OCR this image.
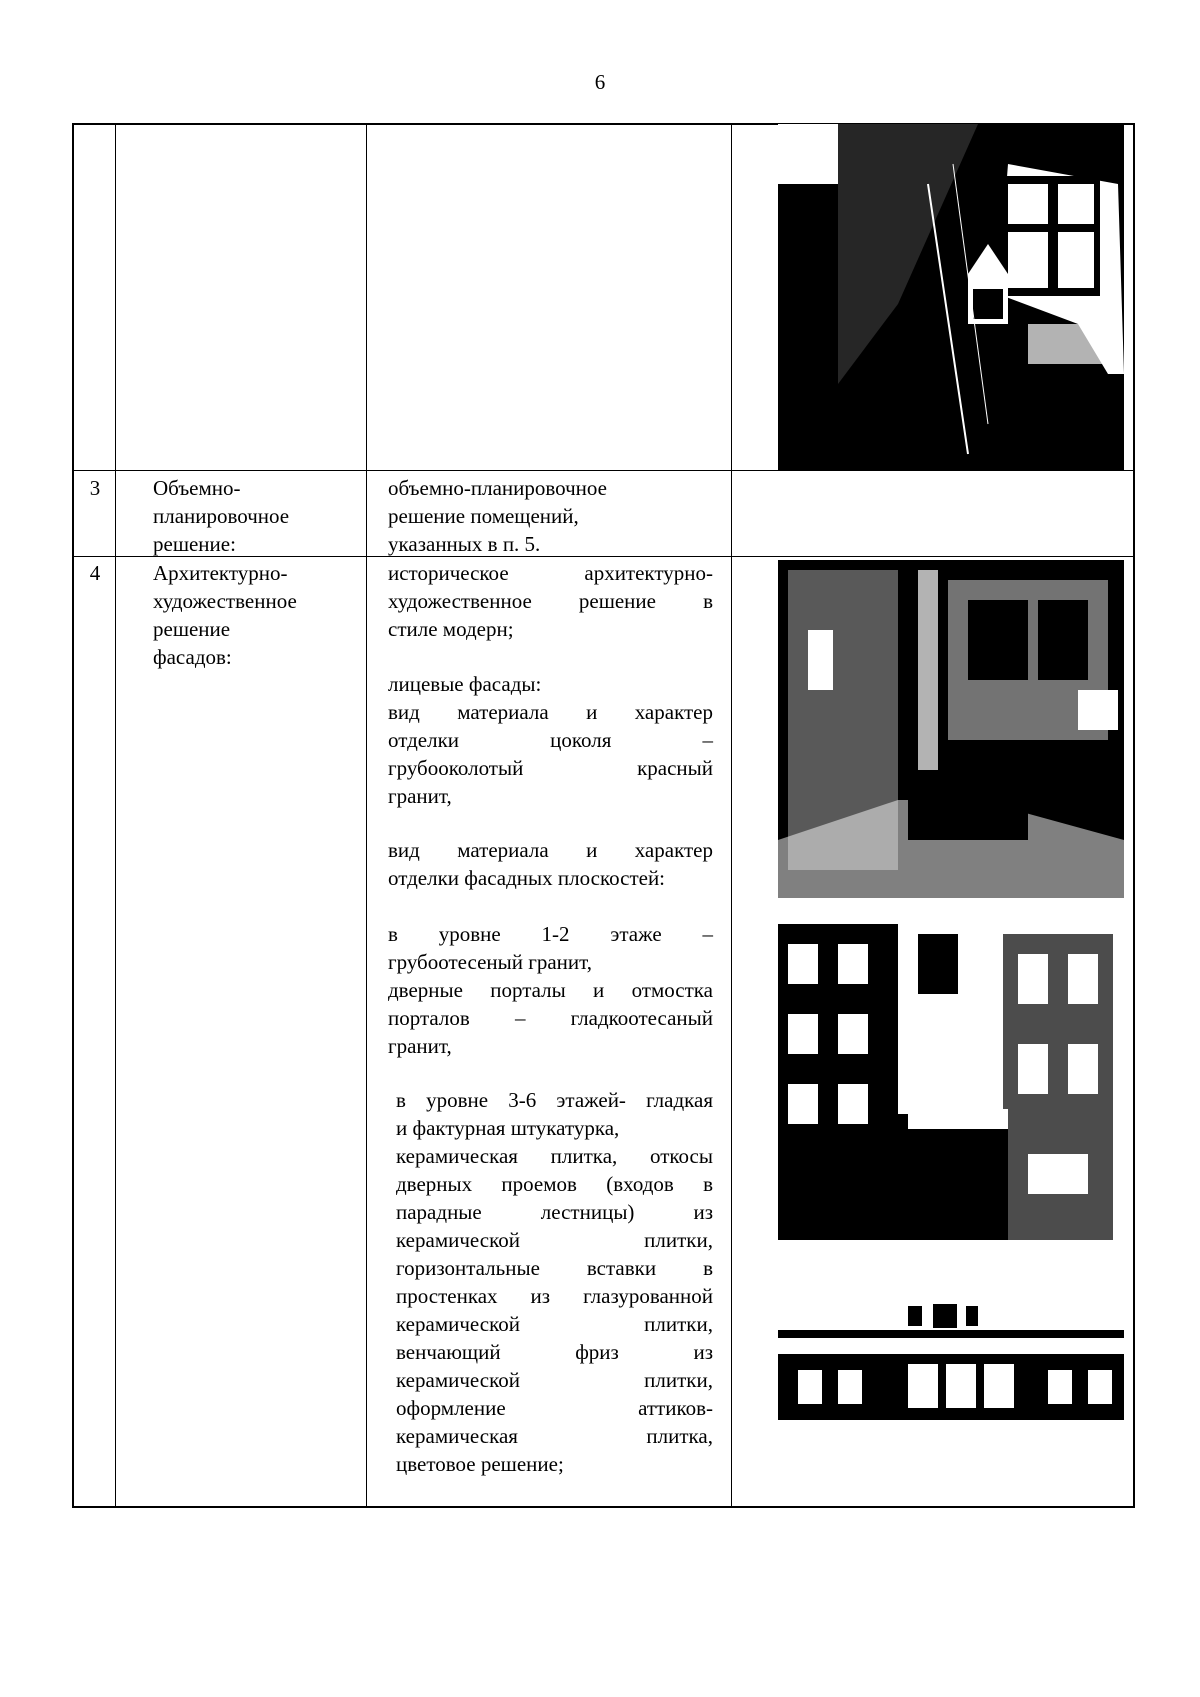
6
3	Объемно-
планировочное
решение:
объемно-планировочное
решение помещений,
указанных в п. 5.
4	Архитектурно-
художественное
решение
фасадов:
историческое архитектурно-
художественное решение в
стиле модерн;
лицевые фасады:
вид материала и характер
отделки цоколя –
грубооколотый красный
гранит,
вид материала и характер
отделки фасадных плоскостей:
в уровне 1-2 этаже –
грубоотесеный гранит,
дверные порталы и отмостка
порталов – гладкоотесаный
гранит,
в уровне 3-6 этажей- гладкая
и фактурная штукатурка,
керамическая плитка, откосы
дверных проемов (входов в
парадные лестницы) из
керамической плитки,
горизонтальные вставки в
простенках из глазурованной
керамической плитки,
венчающий фриз из
керамической плитки,
оформление аттиков-
керамическая плитка,
цветовое решение;
